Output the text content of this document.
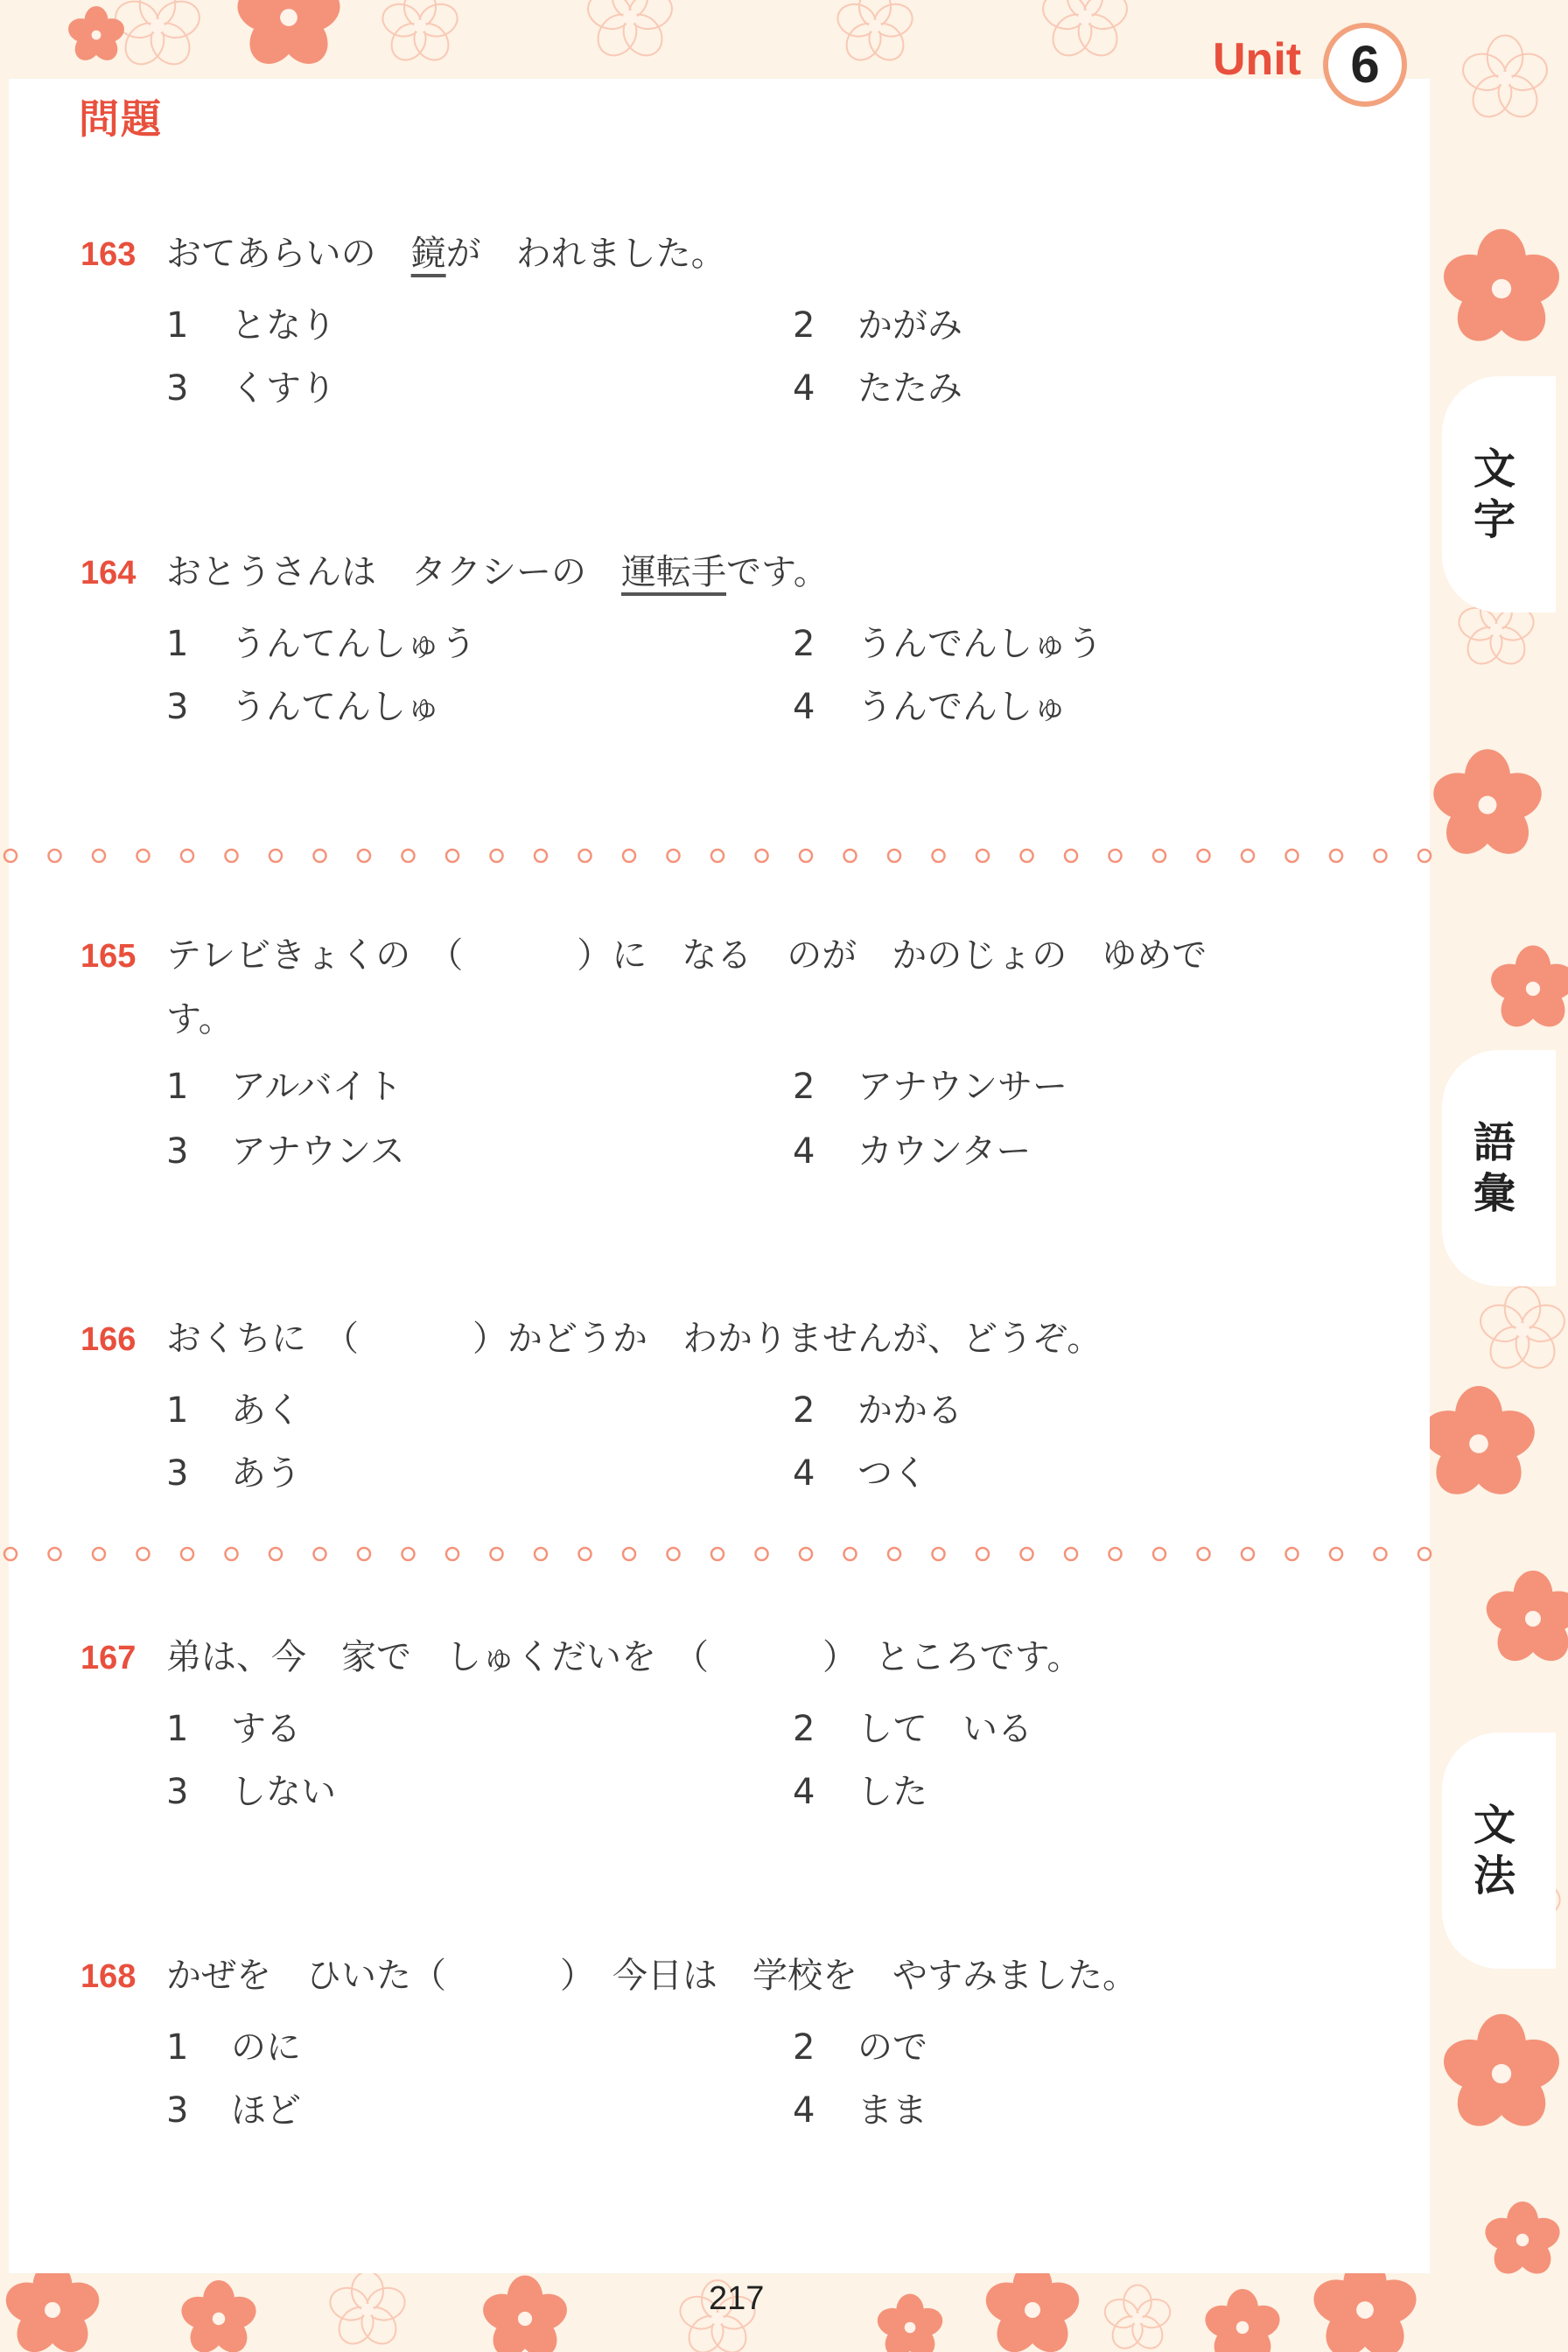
問題
Unit 6
文字
語彙
文法
163 おてあらいの　鏡が　われました。
1 となり	2 かがみ
3 くすり	4 たたみ
164 おとうさんは　タクシーの　運転手です。
1 うんてんしゅう	2 うんでんしゅう
3 うんてんしゅ	4 うんでんしゅ
165 テレビきょくの　（	）に　なる　のが　かのじょの　ゆめで
す。
1 アルバイト	2 アナウンサー
3 アナウンス	4 カウンター
166 おくちに　（	）かどうか　わかりませんが、どうぞ。
1 あく	2 かかる
3 あう	4 つく
167 弟は、今　家で　しゅくだいを　（	）　ところです。
1 する	2 して　いる
3 しない	4 した
168 かぜを　ひいた（	）　今日は　学校を　やすみました。
1 のに	2 ので
3 ほど	4 まま
217
